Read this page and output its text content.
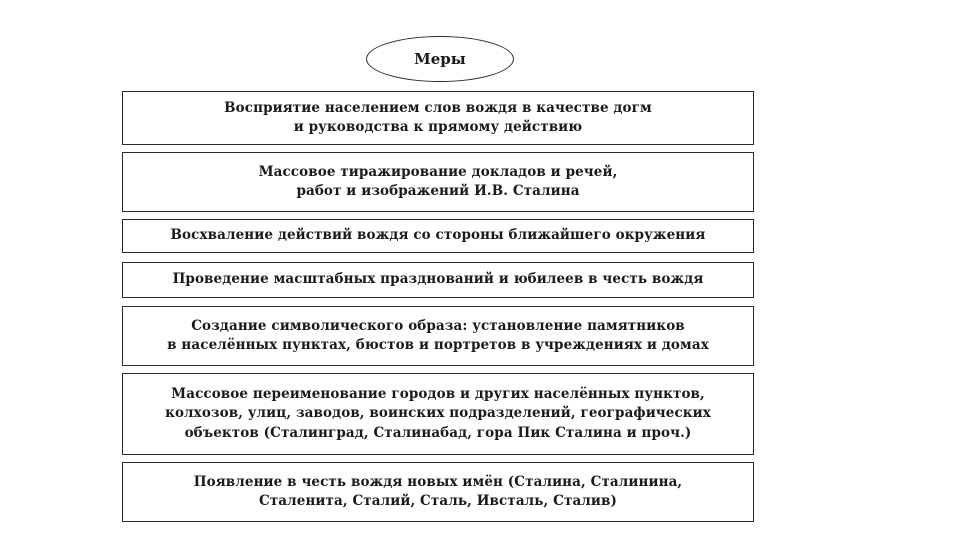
Меры
Восприятие населением слов вождя в качестве догм
и руководства к прямому действию
Массовое тиражирование докладов и речей,
работ и изображений И.В. Сталина
Восхваление действий вождя со стороны ближайшего окружения
Проведение масштабных празднований и юбилеев в честь вождя
Создание символического образа: установление памятников
в населённых пунктах, бюстов и портретов в учреждениях и домах
Массовое переименование городов и других населённых пунктов,
колхозов, улиц, заводов, воинских подразделений, географических
объектов (Сталинград, Сталинабад, гора Пик Сталина и проч.)
Появление в честь вождя новых имён (Сталина, Сталинина,
Сталенита, Сталий, Сталь, Ивсталь, Сталив)
